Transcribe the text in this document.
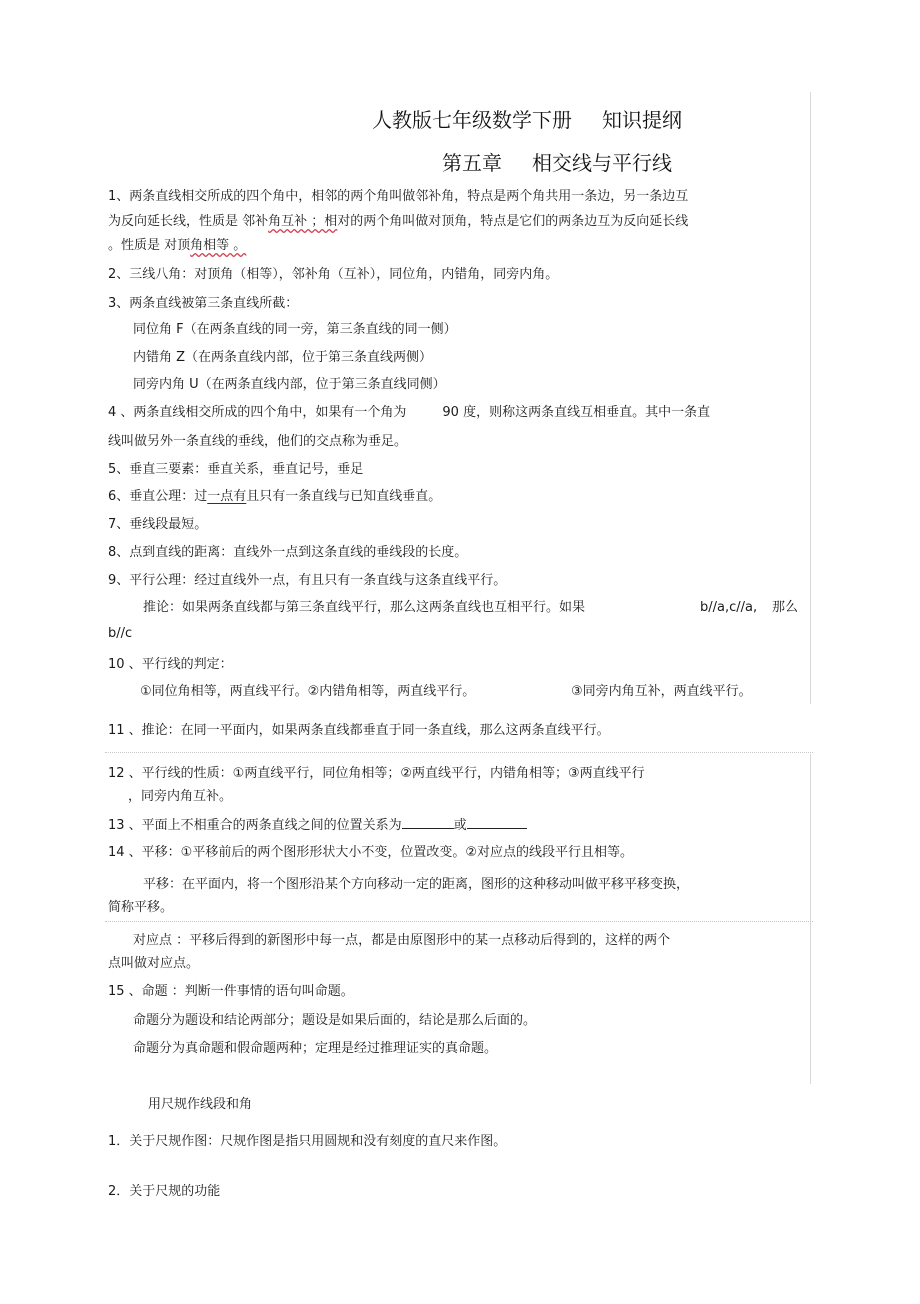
人教版七年级数学下册 知识提纲
第五章 相交线与平行线
1、两条直线相交所成的四个角中，相邻的两个角叫做邻补角，特点是两个角共用一条边，另一条边互
为反向延长线，性质是 邻补角互补 ；相对的两个角叫做对顶角，特点是它们的两条边互为反向延长线
。性质是 对顶角相等 。
2、三线八角：对顶角（相等），邻补角（互补），同位角，内错角，同旁内角。
3、两条直线被第三条直线所截：
同位角 F（在两条直线的同一旁，第三条直线的同一侧）
内错角 Z（在两条直线内部，位于第三条直线两侧）
同旁内角 U（在两条直线内部，位于第三条直线同侧）
4 、两条直线相交所成的四个角中，如果有一个角为	90 度，则称这两条直线互相垂直。其中一条直
线叫做另外一条直线的垂线，他们的交点称为垂足。
5、垂直三要素：垂直关系，垂直记号，垂足
6、垂直公理：过一点有且只有一条直线与已知直线垂直。
7、垂线段最短。
8、点到直线的距离：直线外一点到这条直线的垂线段的长度。
9、平行公理：经过直线外一点，有且只有一条直线与这条直线平行。
推论：如果两条直线都与第三条直线平行，那么这两条直线也互相平行。如果	b//a,c//a, 那么
b//c
10 、平行线的判定：
①同位角相等，两直线平行。②内错角相等，两直线平行。	③同旁内角互补，两直线平行。
11 、推论：在同一平面内，如果两条直线都垂直于同一条直线，那么这两条直线平行。
12 、平行线的性质：①两直线平行，同位角相等；②两直线平行，内错角相等；③两直线平行
，同旁内角互补。
13 、平面上不相重合的两条直线之间的位置关系为	或
14 、平移：①平移前后的两个图形形状大小不变，位置改变。②对应点的线段平行且相等。
平移：在平面内，将一个图形沿某个方向移动一定的距离，图形的这种移动叫做平移平移变换，
简称平移。
对应点 ：平移后得到的新图形中每一点，都是由原图形中的某一点移动后得到的，这样的两个
点叫做对应点。
15 、命题 ：判断一件事情的语句叫命题。
命题分为题设和结论两部分；题设是如果后面的，结论是那么后面的。
命题分为真命题和假命题两种；定理是经过推理证实的真命题。
用尺规作线段和角
1．关于尺规作图：尺规作图是指只用圆规和没有刻度的直尺来作图。
2．关于尺规的功能
